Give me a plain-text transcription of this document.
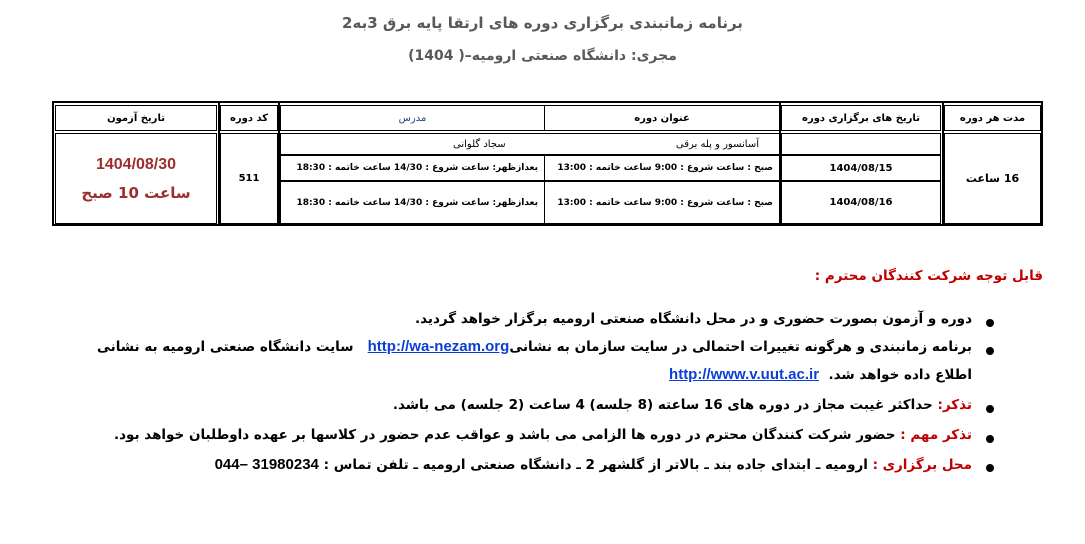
برنامه زمانبندی برگزاری دوره های ارتقا پایه برق 3به2
مجری: دانشگاه صنعتی ارومیه–( 1404)
مدت هر دوره
تاریخ های برگزاری دوره
عنوان دوره
مدرس
کد دوره
تاریخ آزمون
16 ساعت
1404/08/15
1404/08/16
آسانسور و پله برقی
سجاد گلوانی
صبح : ساعت شروع : 9:00 ساعت خاتمه : 13:00
بعدازظهر: ساعت شروع : 14/30 ساعت خاتمه : 18:30
صبح : ساعت شروع : 9:00 ساعت خاتمه : 13:00
بعدازظهر: ساعت شروع : 14/30 ساعت خاتمه : 18:30
511
1404/08/30
ساعت 10 صبح
قابل توجه شرکت کنندگان محترم :
دوره و آزمون بصورت حضوری و در محل دانشگاه صنعتی ارومیه برگزار خواهد گردید.
برنامه زمانبندی و هرگونه تغییرات احتمالی در سایت سازمان به نشانیhttp://wa-nezam.org   سایت دانشگاه صنعتی ارومیه به نشانی
اطلاع داده خواهد شد.  http://www.v.uut.ac.ir
تذکر: حداکثر غیبت مجاز در دوره های 16 ساعته (8 جلسه) 4 ساعت (2 جلسه) می باشد.
تذکر مهم : حضور شرکت کنندگان محترم در دوره ها الزامی می باشد و عواقب عدم حضور در کلاسها بر عهده داوطلبان خواهد بود.
محل برگزاری : ارومیه ـ ابتدای جاده بند ـ بالاتر از گلشهر 2 ـ دانشگاه صنعتی ارومیه ـ تلفن تماس : 31980234 –044
